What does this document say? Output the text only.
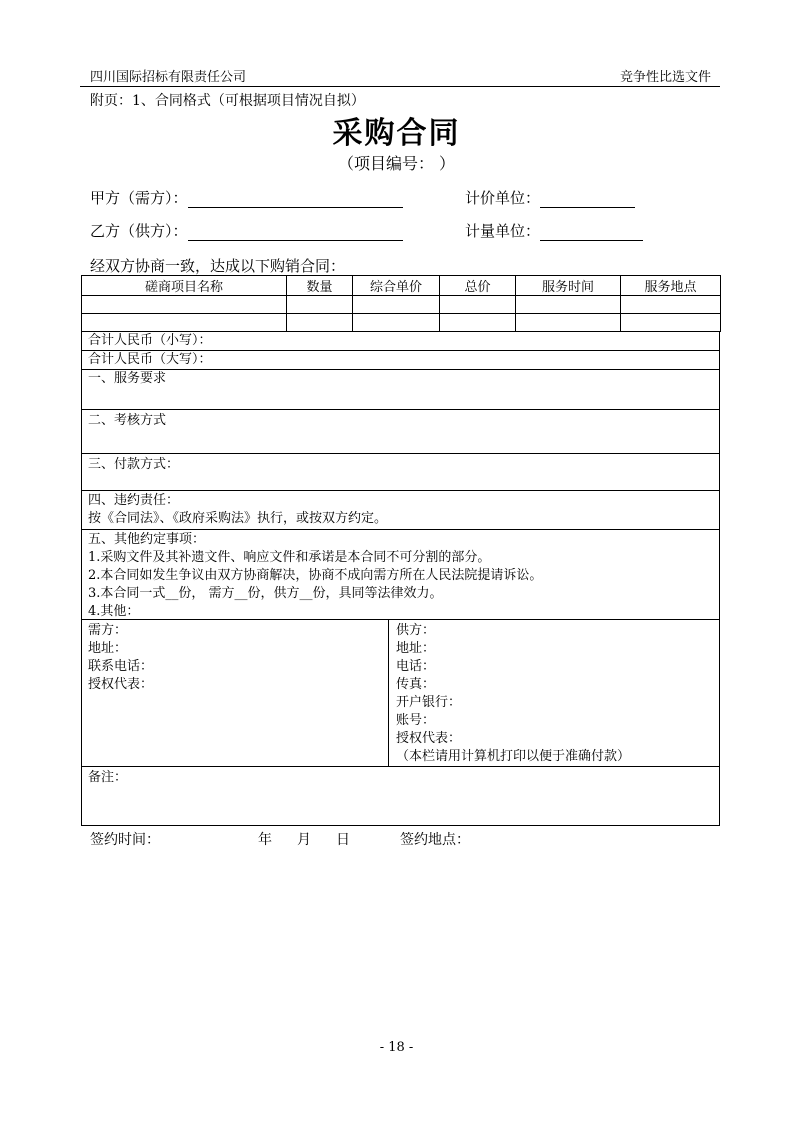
四川国际招标有限责任公司	竞争性比选文件
附页：1、合同格式（可根据项目情况自拟）
采购合同
（项目编号： ）
甲方（需方）：	计价单位：
乙方（供方）：	计量单位：
经双方协商一致，达成以下购销合同：
磋商项目名称	数量	综合单价	总价	服务时间	服务地点

合计人民币（小写）：
合计人民币（大写）：
一、服务要求
二、考核方式
三、付款方式：
四、违约责任：
按《合同法》、《政府采购法》执行，或按双方约定。
五、其他约定事项：
1.采购文件及其补遗文件、响应文件和承诺是本合同不可分割的部分。
2.本合同如发生争议由双方协商解决，协商不成向需方所在人民法院提请诉讼。
3.本合同一式__份， 需方__份，供方__份，具同等法律效力。
4.其他：
需方：
地址：
联系电话：
授权代表：
供方：
地址：
电话：
传真：
开户银行：
账号：
授权代表：
（本栏请用计算机打印以便于准确付款）
备注：
签约时间：	年 月 日	签约地点：
- 18 -
